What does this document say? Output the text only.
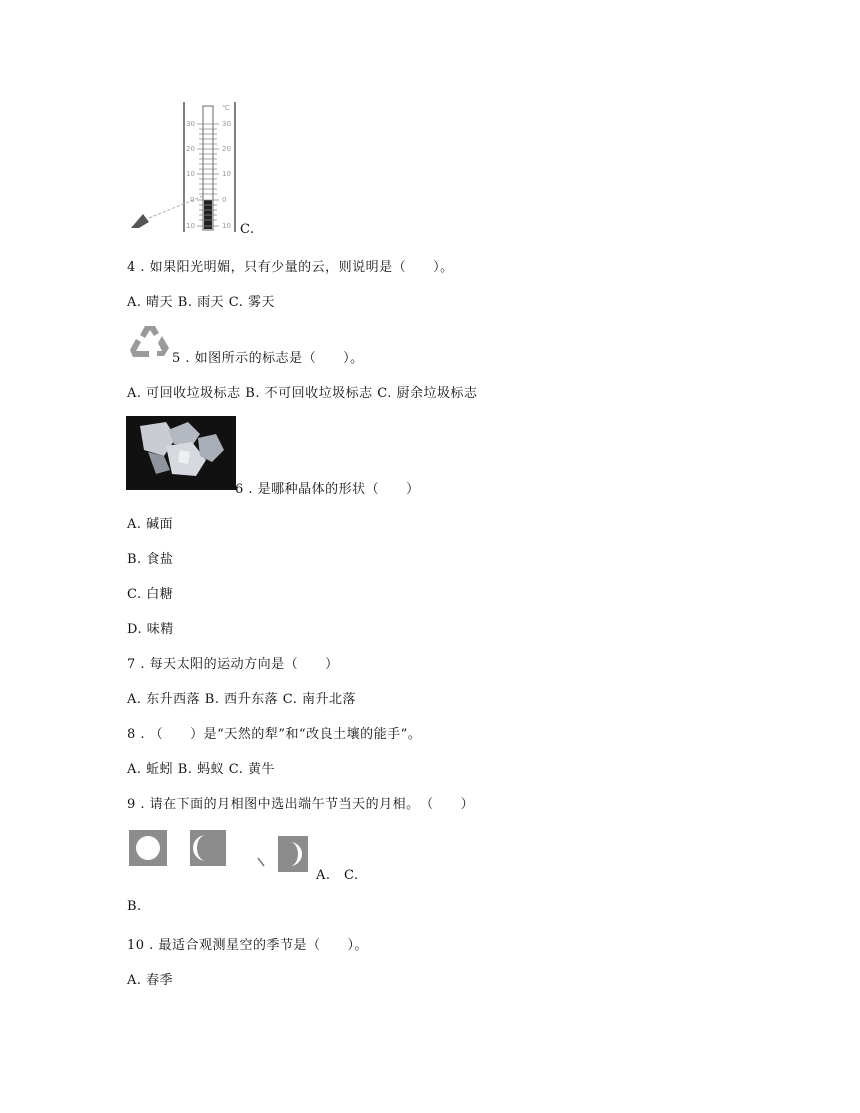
30
20
10
0
10
℃
30
20
10
0
10 C.
4 . 如果阳光明媚，只有少量的云，则说明是（　　）。
A. 晴天 B. 雨天 C. 雾天
5 . 如图所示的标志是（　　）。
A. 可回收垃圾标志 B. 不可回收垃圾标志 C. 厨余垃圾标志
6 . 是哪种晶体的形状（　　）
A. 碱面
B. 食盐
C. 白糖
D. 味精
7 . 每天太阳的运动方向是（　　）
A. 东升西落 B. 西升东落 C. 南升北落
8 . （　　）是“天然的犁”和“改良土壤的能手”。
A. 蚯蚓 B. 蚂蚁 C. 黄牛
9 . 请在下面的月相图中选出端午节当天的月相。　（　　）
A.　C.
B.
10 . 最适合观测星空的季节是（　　）。
A. 春季
